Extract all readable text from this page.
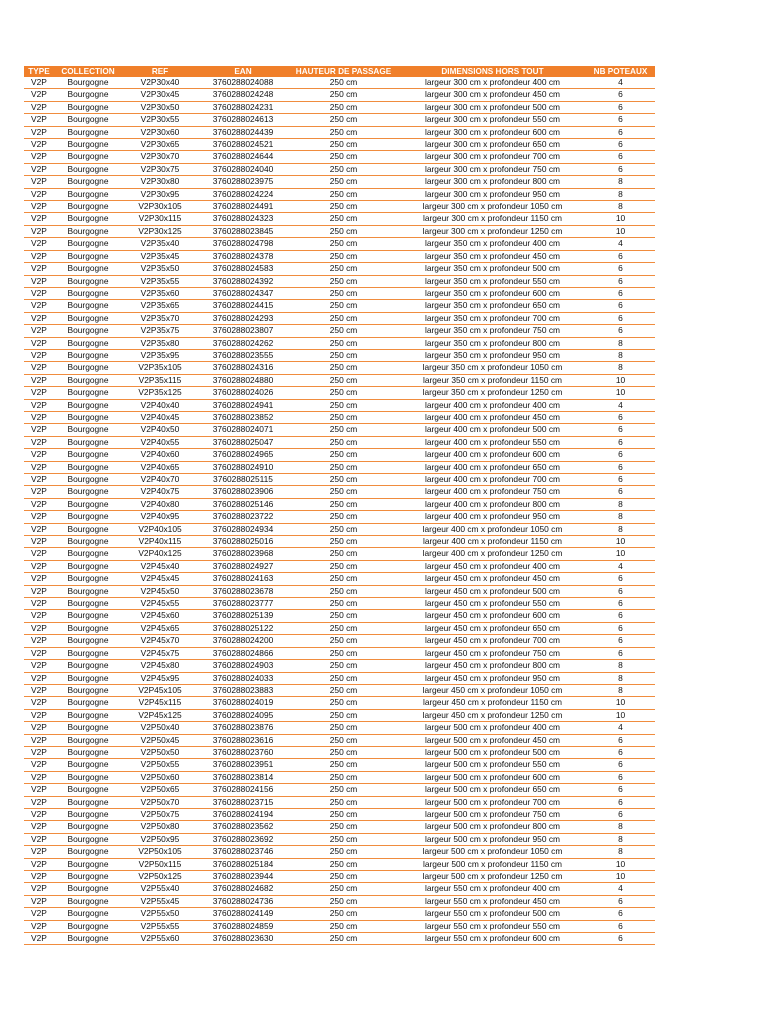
TYPE	COLLECTION	REF	EAN	HAUTEUR DE PASSAGE	DIMENSIONS HORS TOUT	NB POTEAUX
V2P	Bourgogne	V2P30x40	3760288024088	250 cm	largeur 300 cm x profondeur 400 cm	4
V2P	Bourgogne	V2P30x45	3760288024248	250 cm	largeur 300 cm x profondeur 450 cm	6
V2P	Bourgogne	V2P30x50	3760288024231	250 cm	largeur 300 cm x profondeur 500 cm	6
V2P	Bourgogne	V2P30x55	3760288024613	250 cm	largeur 300 cm x profondeur 550 cm	6
V2P	Bourgogne	V2P30x60	3760288024439	250 cm	largeur 300 cm x profondeur 600 cm	6
V2P	Bourgogne	V2P30x65	3760288024521	250 cm	largeur 300 cm x profondeur 650 cm	6
V2P	Bourgogne	V2P30x70	3760288024644	250 cm	largeur 300 cm x profondeur 700 cm	6
V2P	Bourgogne	V2P30x75	3760288024040	250 cm	largeur 300 cm x profondeur 750 cm	6
V2P	Bourgogne	V2P30x80	3760288023975	250 cm	largeur 300 cm x profondeur 800 cm	8
V2P	Bourgogne	V2P30x95	3760288024224	250 cm	largeur 300 cm x profondeur 950 cm	8
V2P	Bourgogne	V2P30x105	3760288024491	250 cm	largeur 300 cm x profondeur 1050 cm	8
V2P	Bourgogne	V2P30x115	3760288024323	250 cm	largeur 300 cm x profondeur 1150 cm	10
V2P	Bourgogne	V2P30x125	3760288023845	250 cm	largeur 300 cm x profondeur 1250 cm	10
V2P	Bourgogne	V2P35x40	3760288024798	250 cm	largeur 350 cm x profondeur 400 cm	4
V2P	Bourgogne	V2P35x45	3760288024378	250 cm	largeur 350 cm x profondeur 450 cm	6
V2P	Bourgogne	V2P35x50	3760288024583	250 cm	largeur 350 cm x profondeur 500 cm	6
V2P	Bourgogne	V2P35x55	3760288024392	250 cm	largeur 350 cm x profondeur 550 cm	6
V2P	Bourgogne	V2P35x60	3760288024347	250 cm	largeur 350 cm x profondeur 600 cm	6
V2P	Bourgogne	V2P35x65	3760288024415	250 cm	largeur 350 cm x profondeur 650 cm	6
V2P	Bourgogne	V2P35x70	3760288024293	250 cm	largeur 350 cm x profondeur 700 cm	6
V2P	Bourgogne	V2P35x75	3760288023807	250 cm	largeur 350 cm x profondeur 750 cm	6
V2P	Bourgogne	V2P35x80	3760288024262	250 cm	largeur 350 cm x profondeur 800 cm	8
V2P	Bourgogne	V2P35x95	3760288023555	250 cm	largeur 350 cm x profondeur 950 cm	8
V2P	Bourgogne	V2P35x105	3760288024316	250 cm	largeur 350 cm x profondeur 1050 cm	8
V2P	Bourgogne	V2P35x115	3760288024880	250 cm	largeur 350 cm x profondeur 1150 cm	10
V2P	Bourgogne	V2P35x125	3760288024026	250 cm	largeur 350 cm x profondeur 1250 cm	10
V2P	Bourgogne	V2P40x40	3760288024941	250 cm	largeur 400 cm x profondeur 400 cm	4
V2P	Bourgogne	V2P40x45	3760288023852	250 cm	largeur 400 cm x profondeur 450 cm	6
V2P	Bourgogne	V2P40x50	3760288024071	250 cm	largeur 400 cm x profondeur 500 cm	6
V2P	Bourgogne	V2P40x55	3760288025047	250 cm	largeur 400 cm x profondeur 550 cm	6
V2P	Bourgogne	V2P40x60	3760288024965	250 cm	largeur 400 cm x profondeur 600 cm	6
V2P	Bourgogne	V2P40x65	3760288024910	250 cm	largeur 400 cm x profondeur 650 cm	6
V2P	Bourgogne	V2P40x70	3760288025115	250 cm	largeur 400 cm x profondeur 700 cm	6
V2P	Bourgogne	V2P40x75	3760288023906	250 cm	largeur 400 cm x profondeur 750 cm	6
V2P	Bourgogne	V2P40x80	3760288025146	250 cm	largeur 400 cm x profondeur 800 cm	8
V2P	Bourgogne	V2P40x95	3760288023722	250 cm	largeur 400 cm x profondeur 950 cm	8
V2P	Bourgogne	V2P40x105	3760288024934	250 cm	largeur 400 cm x profondeur 1050 cm	8
V2P	Bourgogne	V2P40x115	3760288025016	250 cm	largeur 400 cm x profondeur 1150 cm	10
V2P	Bourgogne	V2P40x125	3760288023968	250 cm	largeur 400 cm x profondeur 1250 cm	10
V2P	Bourgogne	V2P45x40	3760288024927	250 cm	largeur 450 cm x profondeur 400 cm	4
V2P	Bourgogne	V2P45x45	3760288024163	250 cm	largeur 450 cm x profondeur 450 cm	6
V2P	Bourgogne	V2P45x50	3760288023678	250 cm	largeur 450 cm x profondeur 500 cm	6
V2P	Bourgogne	V2P45x55	3760288023777	250 cm	largeur 450 cm x profondeur 550 cm	6
V2P	Bourgogne	V2P45x60	3760288025139	250 cm	largeur 450 cm x profondeur 600 cm	6
V2P	Bourgogne	V2P45x65	3760288025122	250 cm	largeur 450 cm x profondeur 650 cm	6
V2P	Bourgogne	V2P45x70	3760288024200	250 cm	largeur 450 cm x profondeur 700 cm	6
V2P	Bourgogne	V2P45x75	3760288024866	250 cm	largeur 450 cm x profondeur 750 cm	6
V2P	Bourgogne	V2P45x80	3760288024903	250 cm	largeur 450 cm x profondeur 800 cm	8
V2P	Bourgogne	V2P45x95	3760288024033	250 cm	largeur 450 cm x profondeur 950 cm	8
V2P	Bourgogne	V2P45x105	3760288023883	250 cm	largeur 450 cm x profondeur 1050 cm	8
V2P	Bourgogne	V2P45x115	3760288024019	250 cm	largeur 450 cm x profondeur 1150 cm	10
V2P	Bourgogne	V2P45x125	3760288024095	250 cm	largeur 450 cm x profondeur 1250 cm	10
V2P	Bourgogne	V2P50x40	3760288023876	250 cm	largeur 500 cm x profondeur 400 cm	4
V2P	Bourgogne	V2P50x45	3760288023616	250 cm	largeur 500 cm x profondeur 450 cm	6
V2P	Bourgogne	V2P50x50	3760288023760	250 cm	largeur 500 cm x profondeur 500 cm	6
V2P	Bourgogne	V2P50x55	3760288023951	250 cm	largeur 500 cm x profondeur 550 cm	6
V2P	Bourgogne	V2P50x60	3760288023814	250 cm	largeur 500 cm x profondeur 600 cm	6
V2P	Bourgogne	V2P50x65	3760288024156	250 cm	largeur 500 cm x profondeur 650 cm	6
V2P	Bourgogne	V2P50x70	3760288023715	250 cm	largeur 500 cm x profondeur 700 cm	6
V2P	Bourgogne	V2P50x75	3760288024194	250 cm	largeur 500 cm x profondeur 750 cm	6
V2P	Bourgogne	V2P50x80	3760288023562	250 cm	largeur 500 cm x profondeur 800 cm	8
V2P	Bourgogne	V2P50x95	3760288023692	250 cm	largeur 500 cm x profondeur 950 cm	8
V2P	Bourgogne	V2P50x105	3760288023746	250 cm	largeur 500 cm x profondeur 1050 cm	8
V2P	Bourgogne	V2P50x115	3760288025184	250 cm	largeur 500 cm x profondeur 1150 cm	10
V2P	Bourgogne	V2P50x125	3760288023944	250 cm	largeur 500 cm x profondeur 1250 cm	10
V2P	Bourgogne	V2P55x40	3760288024682	250 cm	largeur 550 cm x profondeur 400 cm	4
V2P	Bourgogne	V2P55x45	3760288024736	250 cm	largeur 550 cm x profondeur 450 cm	6
V2P	Bourgogne	V2P55x50	3760288024149	250 cm	largeur 550 cm x profondeur 500 cm	6
V2P	Bourgogne	V2P55x55	3760288024859	250 cm	largeur 550 cm x profondeur 550 cm	6
V2P	Bourgogne	V2P55x60	3760288023630	250 cm	largeur 550 cm x profondeur 600 cm	6
